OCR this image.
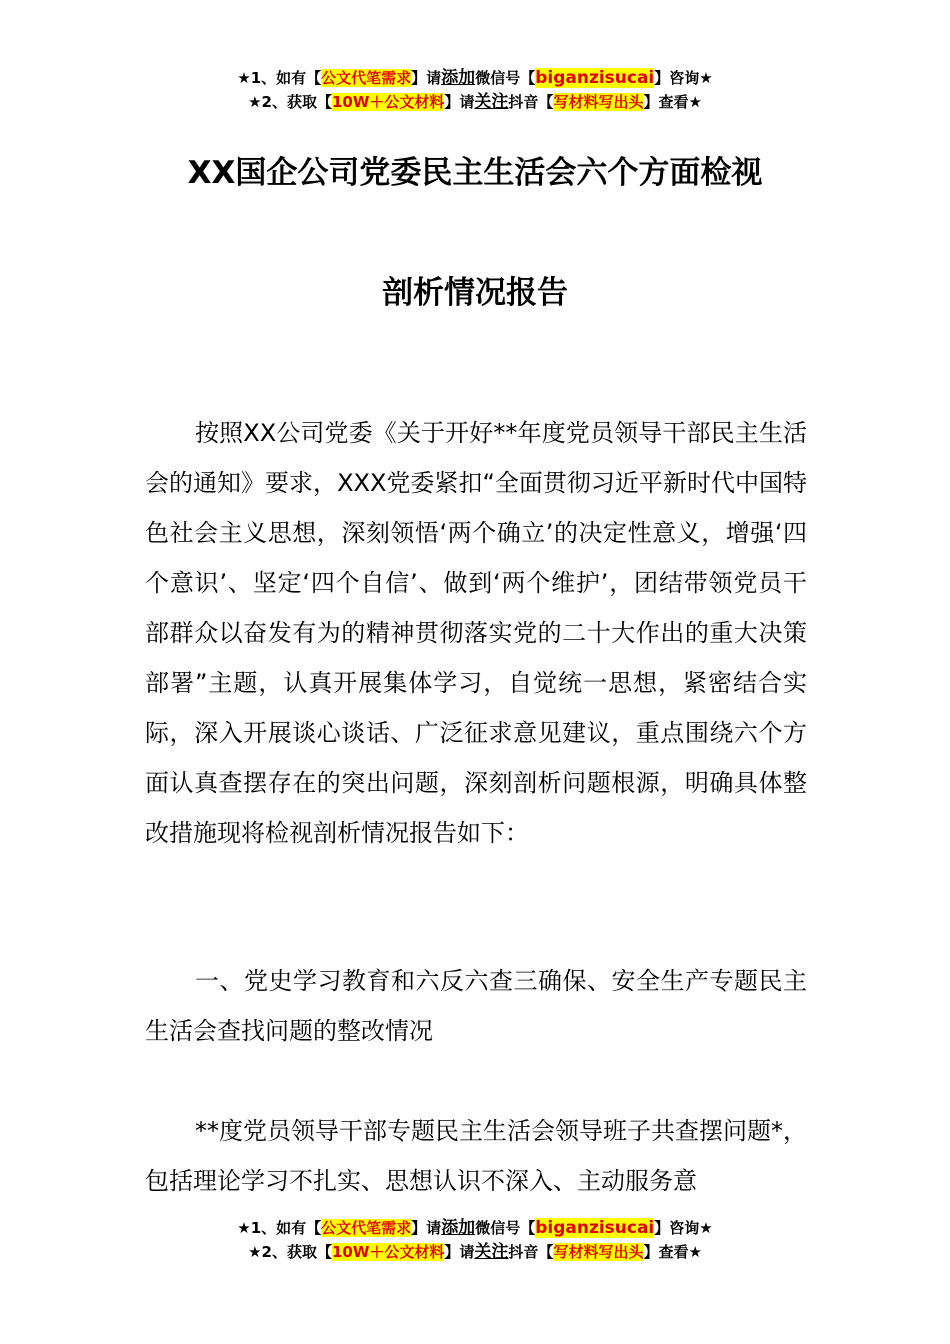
★1、如有【公文代笔需求】请添加微信号【biganzisucai】咨询★
★2、获取【10W＋公文材料】请关注抖音【写材料写出头】查看★
XX国企公司党委民主生活会六个方面检视
剖析情况报告

按照XX公司党委《关于开好**年度党员领导干部民主生活会的通知》要求，XXX党委紧扣“全面贯彻习近平新时代中国特色社会主义思想，深刻领悟‘两个确立’的决定性意义，增强‘四个意识’、坚定‘四个自信’、做到‘两个维护’，团结带领党员干部群众以奋发有为的精神贯彻落实党的二十大作出的重大决策部署”主题，认真开展集体学习，自觉统一思想，紧密结合实际，深入开展谈心谈话、广泛征求意见建议，重点围绕六个方面认真查摆存在的突出问题，深刻剖析问题根源，明确具体整改措施现将检视剖析情况报告如下：

一、党史学习教育和六反六查三确保、安全生产专题民主生活会查找问题的整改情况

**度党员领导干部专题民主生活会领导班子共查摆问题*，包括理论学习不扎实、思想认识不深入、主动服务意

★1、如有【公文代笔需求】请添加微信号【biganzisucai】咨询★
★2、获取【10W＋公文材料】请关注抖音【写材料写出头】查看★
